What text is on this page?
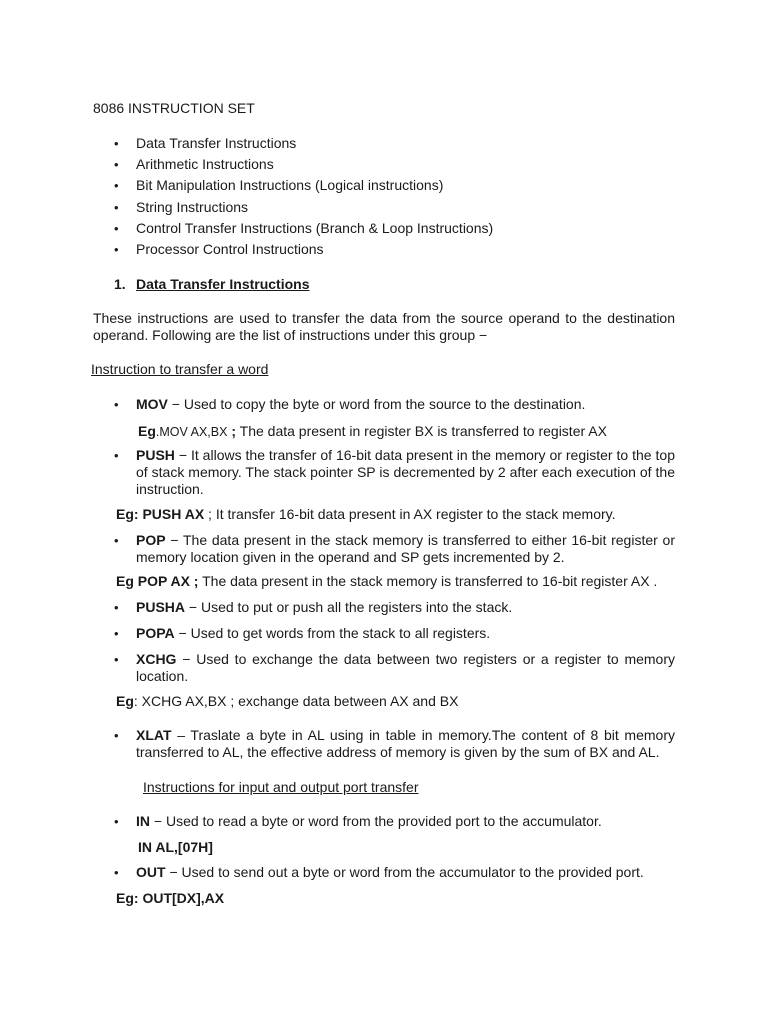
8086 INSTRUCTION SET
• Data Transfer Instructions
• Arithmetic Instructions
• Bit Manipulation Instructions (Logical instructions)
• String Instructions
• Control Transfer Instructions (Branch & Loop Instructions)
• Processor Control Instructions
1. Data Transfer Instructions
These instructions are used to transfer the data from the source operand to the destination operand. Following are the list of instructions under this group −
Instruction to transfer a word
• MOV − Used to copy the byte or word from the source to the destination.
Eg.MOV AX,BX ; The data present in register BX is transferred to register AX
• PUSH − It allows the transfer of 16-bit data present in the memory or register to the top of stack memory. The stack pointer SP is decremented by 2 after each execution of the instruction.
Eg: PUSH AX ; It transfer 16-bit data present in AX register to the stack memory.
• POP − The data present in the stack memory is transferred to either 16-bit register or memory location given in the operand and SP gets incremented by 2.
Eg POP AX ; The data present in the stack memory is transferred to 16-bit register AX .
• PUSHA − Used to put or push all the registers into the stack.
• POPA − Used to get words from the stack to all registers.
• XCHG − Used to exchange the data between two registers or a register to memory location.
Eg: XCHG AX,BX ; exchange data between AX and BX
• XLAT – Traslate a byte in AL using in table in memory.The content of 8 bit memory transferred to AL, the effective address of memory is given by the sum of BX and AL.
Instructions for input and output port transfer
• IN − Used to read a byte or word from the provided port to the accumulator.
IN AL,[07H]
• OUT − Used to send out a byte or word from the accumulator to the provided port.
Eg: OUT[DX],AX
